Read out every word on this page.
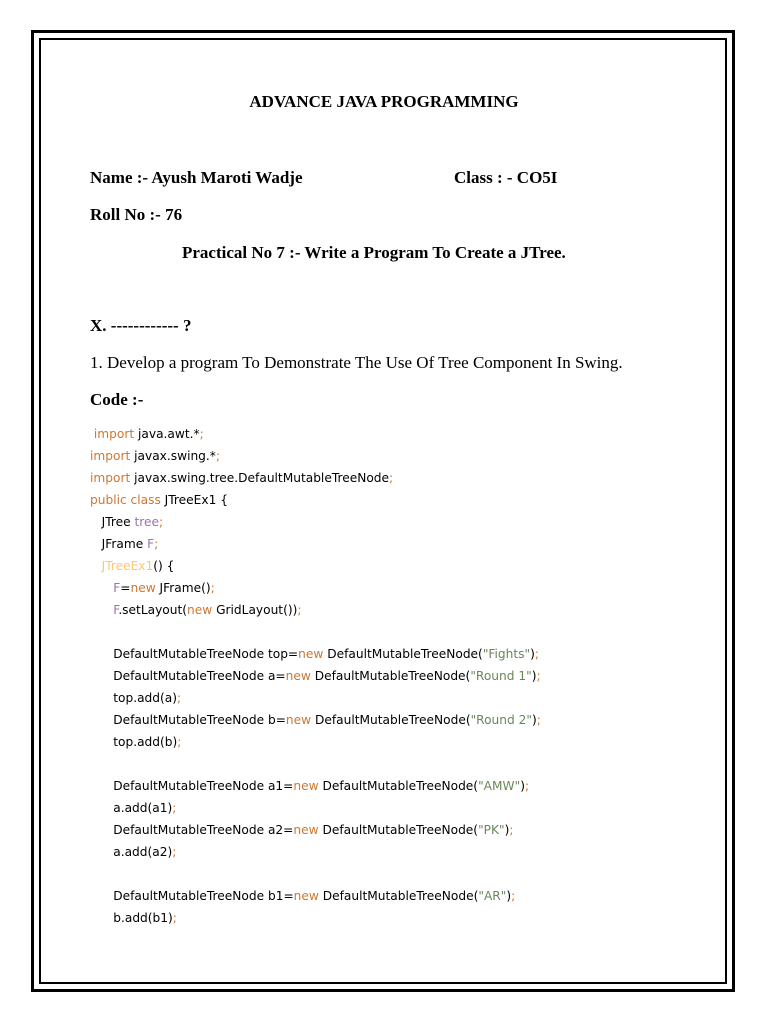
ADVANCE JAVA PROGRAMMING
Name :- Ayush Maroti Wadje	Class : - CO5I
Roll No :- 76
Practical No 7 :- Write a Program To Create a JTree.
X. ------------ ?
1. Develop a program To Demonstrate The Use Of Tree Component In Swing.
Code :-
import java.awt.*;
import javax.swing.*;
import javax.swing.tree.DefaultMutableTreeNode;
public class JTreeEx1 {
JTree tree;
JFrame F;
JTreeEx1() {
F=new JFrame();
F.setLayout(new GridLayout());
DefaultMutableTreeNode top=new DefaultMutableTreeNode("Fights");
DefaultMutableTreeNode a=new DefaultMutableTreeNode("Round 1");
top.add(a);
DefaultMutableTreeNode b=new DefaultMutableTreeNode("Round 2");
top.add(b);
DefaultMutableTreeNode a1=new DefaultMutableTreeNode("AMW");
a.add(a1);
DefaultMutableTreeNode a2=new DefaultMutableTreeNode("PK");
a.add(a2);
DefaultMutableTreeNode b1=new DefaultMutableTreeNode("AR");
b.add(b1);
